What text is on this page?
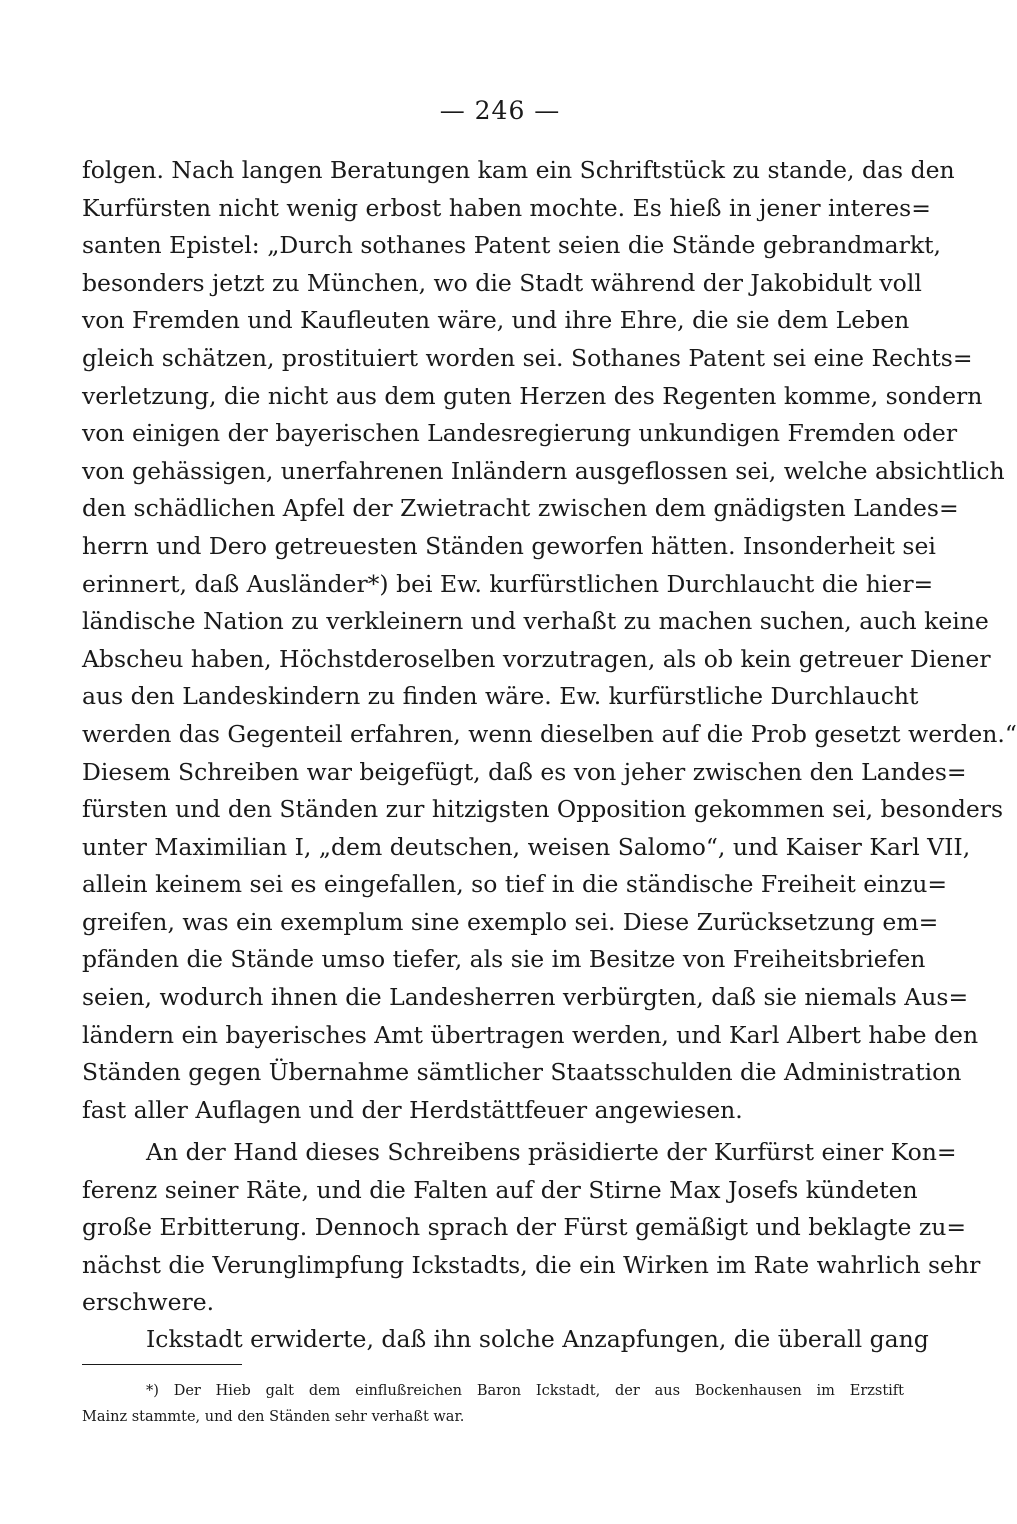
— 246 —
folgen. Nach langen Beratungen kam ein Schriftstück zu stande, das den
Kurfürsten nicht wenig erbost haben mochte. Es hieß in jener interes=
santen Epistel: „Durch sothanes Patent seien die Stände gebrandmarkt,
besonders jetzt zu München, wo die Stadt während der Jakobidult voll
von Fremden und Kaufleuten wäre, und ihre Ehre, die sie dem Leben
gleich schätzen, prostituiert worden sei. Sothanes Patent sei eine Rechts=
verletzung, die nicht aus dem guten Herzen des Regenten komme, sondern
von einigen der bayerischen Landesregierung unkundigen Fremden oder
von gehässigen, unerfahrenen Inländern ausgeflossen sei, welche absichtlich
den schädlichen Apfel der Zwietracht zwischen dem gnädigsten Landes=
herrn und Dero getreuesten Ständen geworfen hätten. Insonderheit sei
erinnert, daß Ausländer*) bei Ew. kurfürstlichen Durchlaucht die hier=
ländische Nation zu verkleinern und verhaßt zu machen suchen, auch keine
Abscheu haben, Höchstderoselben vorzutragen, als ob kein getreuer Diener
aus den Landeskindern zu finden wäre. Ew. kurfürstliche Durchlaucht
werden das Gegenteil erfahren, wenn dieselben auf die Prob gesetzt werden.“
Diesem Schreiben war beigefügt, daß es von jeher zwischen den Landes=
fürsten und den Ständen zur hitzigsten Opposition gekommen sei, besonders
unter Maximilian I, „dem deutschen, weisen Salomo“, und Kaiser Karl VII,
allein keinem sei es eingefallen, so tief in die ständische Freiheit einzu=
greifen, was ein exemplum sine exemplo sei. Diese Zurücksetzung em=
pfänden die Stände umso tiefer, als sie im Besitze von Freiheitsbriefen
seien, wodurch ihnen die Landesherren verbürgten, daß sie niemals Aus=
ländern ein bayerisches Amt übertragen werden, und Karl Albert habe den
Ständen gegen Übernahme sämtlicher Staatsschulden die Administration
fast aller Auflagen und der Herdstättfeuer angewiesen.
An der Hand dieses Schreibens präsidierte der Kurfürst einer Kon=
ferenz seiner Räte, und die Falten auf der Stirne Max Josefs kündeten
große Erbitterung. Dennoch sprach der Fürst gemäßigt und beklagte zu=
nächst die Verunglimpfung Ickstadts, die ein Wirken im Rate wahrlich sehr
erschwere.
Ickstadt erwiderte, daß ihn solche Anzapfungen, die überall gang
*) Der Hieb galt dem einflußreichen Baron Ickstadt, der aus Bockenhausen im Erzstift
Mainz stammte, und den Ständen sehr verhaßt war.
